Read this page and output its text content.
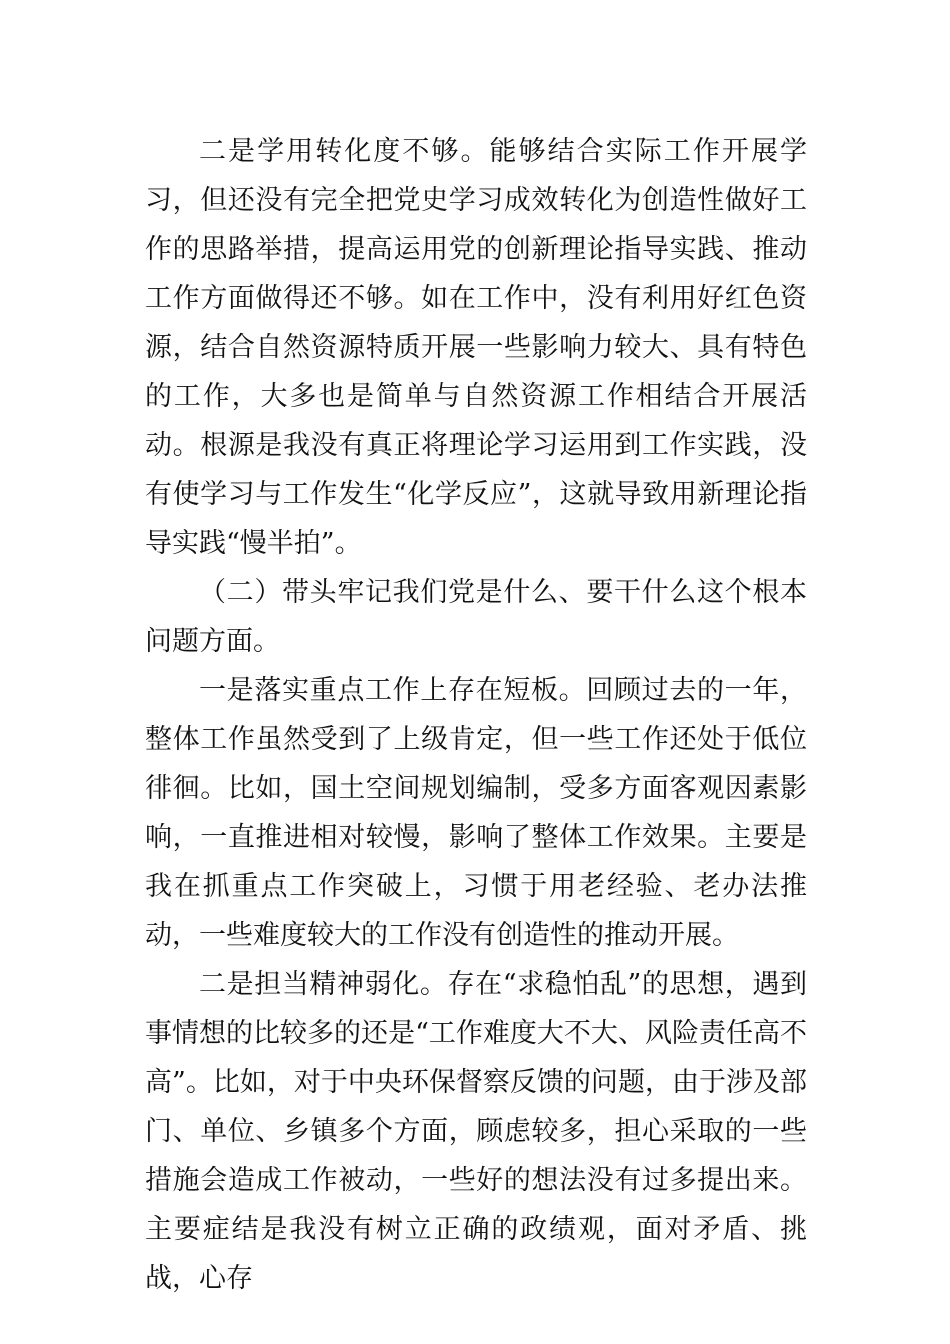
二是学用转化度不够。能够结合实际工作开展学习，但还没有完全把党史学习成效转化为创造性做好工作的思路举措，提高运用党的创新理论指导实践、推动工作方面做得还不够。如在工作中，没有利用好红色资源，结合自然资源特质开展一些影响力较大、具有特色的工作，大多也是简单与自然资源工作相结合开展活动。根源是我没有真正将理论学习运用到工作实践，没有使学习与工作发生“化学反应”，这就导致用新理论指导实践“慢半拍”。

（二）带头牢记我们党是什么、要干什么这个根本问题方面。

一是落实重点工作上存在短板。回顾过去的一年，整体工作虽然受到了上级肯定，但一些工作还处于低位徘徊。比如，国土空间规划编制，受多方面客观因素影响，一直推进相对较慢，影响了整体工作效果。主要是我在抓重点工作突破上，习惯于用老经验、老办法推动，一些难度较大的工作没有创造性的推动开展。

二是担当精神弱化。存在“求稳怕乱”的思想，遇到事情想的比较多的还是“工作难度大不大、风险责任高不高”。比如，对于中央环保督察反馈的问题，由于涉及部门、单位、乡镇多个方面，顾虑较多，担心采取的一些措施会造成工作被动，一些好的想法没有过多提出来。主要症结是我没有树立正确的政绩观，面对矛盾、挑战，心存
